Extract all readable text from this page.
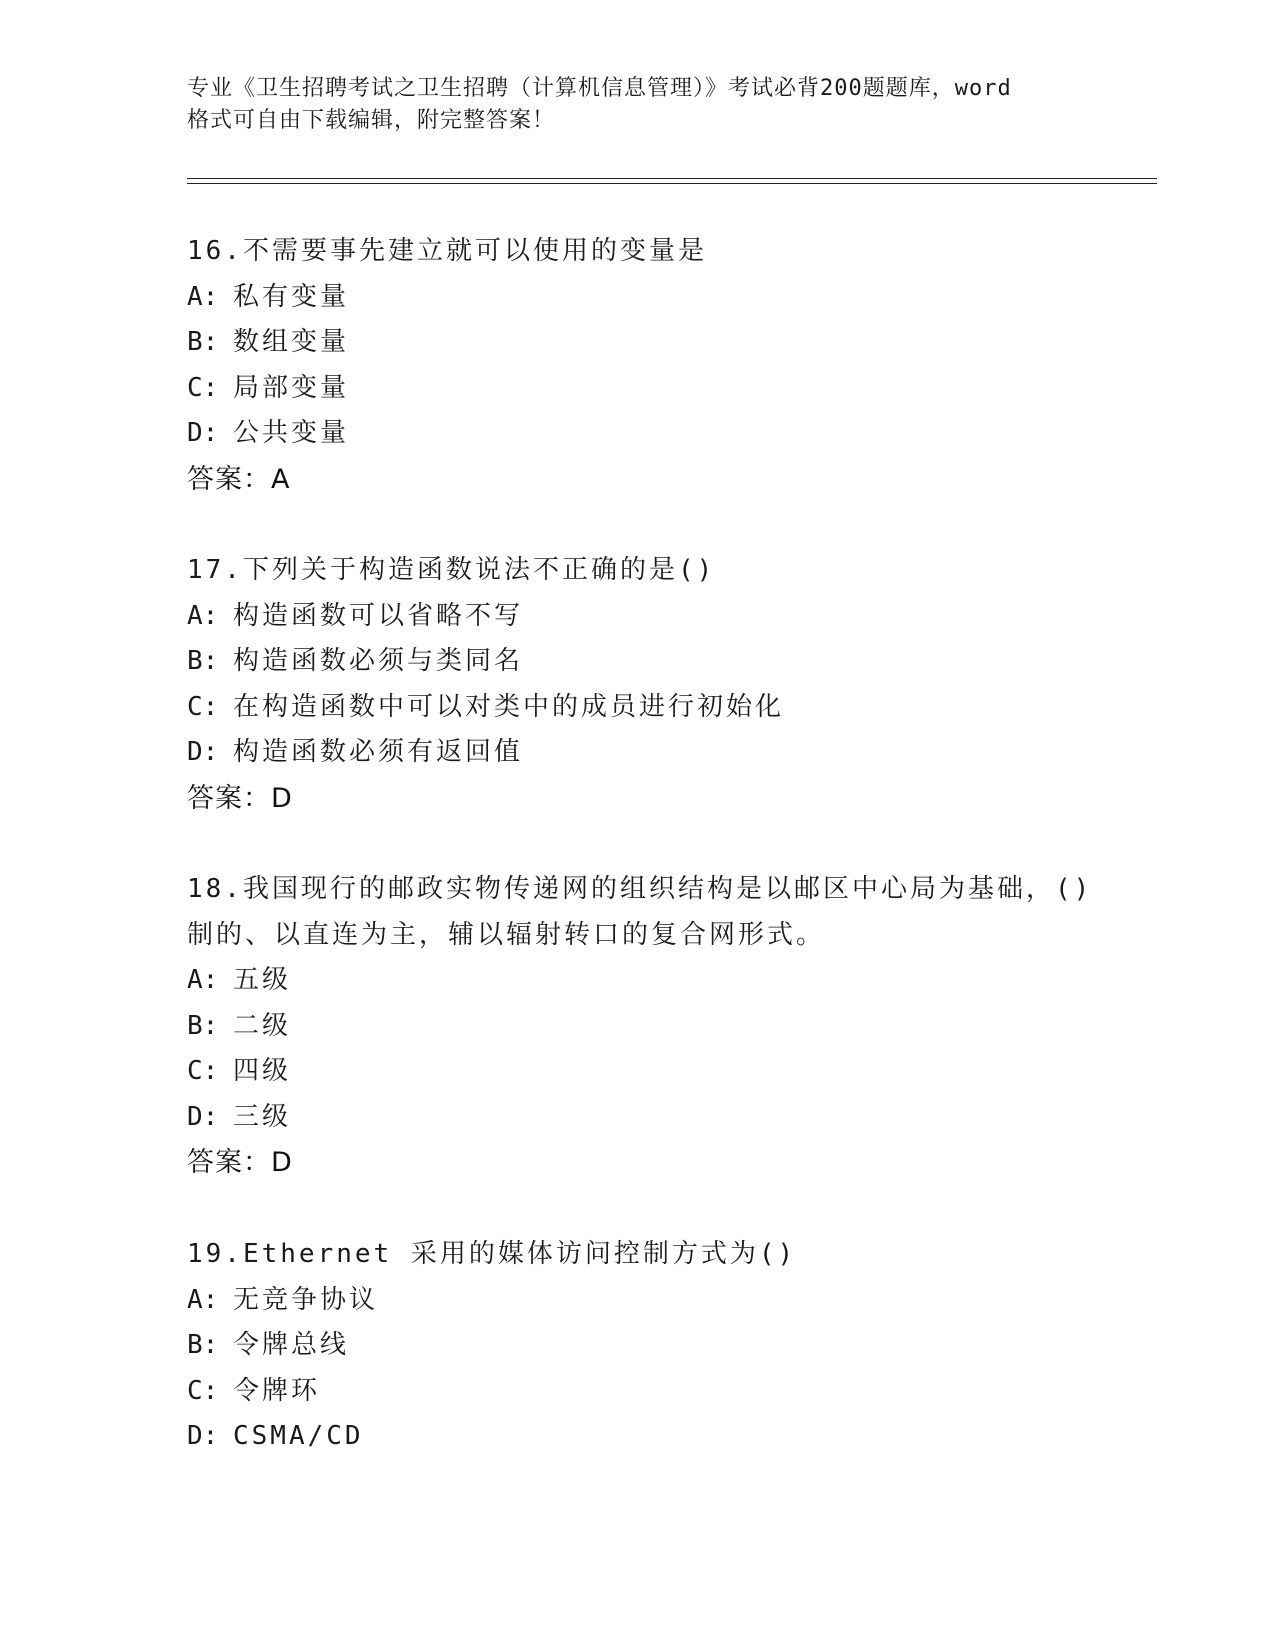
专业《卫生招聘考试之卫生招聘（计算机信息管理）》考试必背200题题库，word
格式可自由下载编辑，附完整答案！
16.不需要事先建立就可以使用的变量是
A: 私有变量
B: 数组变量
C: 局部变量
D: 公共变量
答案：A
17.下列关于构造函数说法不正确的是()
A: 构造函数可以省略不写
B: 构造函数必须与类同名
C: 在构造函数中可以对类中的成员进行初始化
D: 构造函数必须有返回值
答案：D
18.我国现行的邮政实物传递网的组织结构是以邮区中心局为基础，()
制的、以直连为主，辅以辐射转口的复合网形式。
A: 五级
B: 二级
C: 四级
D: 三级
答案：D
19.Ethernet 采用的媒体访问控制方式为()
A: 无竞争协议
B: 令牌总线
C: 令牌环
D: CSMA/CD
